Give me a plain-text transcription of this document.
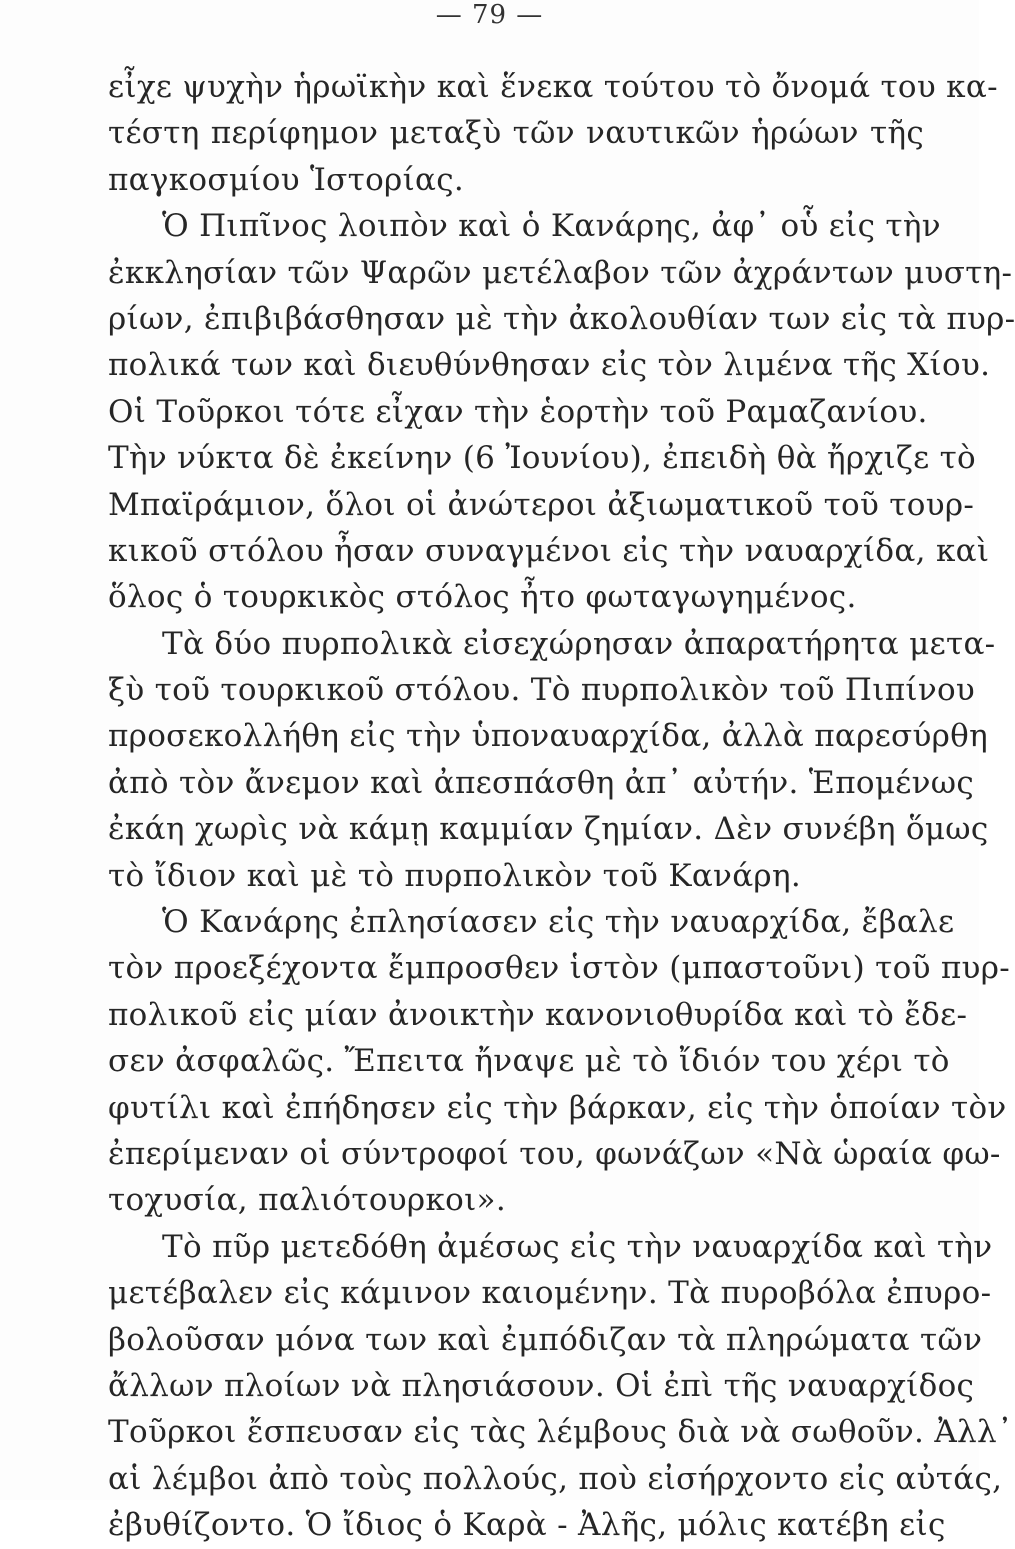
— 79 —
εἶχε ψυχὴν ἡρωϊκὴν καὶ ἕνεκα τούτου τὸ ὄνομά του κα-
τέστη περίφημον μεταξὺ τῶν ναυτικῶν ἡρώων τῆς
παγκοσμίου Ἱστορίας.
Ὁ Πιπῖνος λοιπὸν καὶ ὁ Κανάρης, ἀφ᾽ οὗ εἰς τὴν
ἐκκλησίαν τῶν Ψαρῶν μετέλαβον τῶν ἀχράντων μυστη-
ρίων, ἐπιβιβάσθησαν μὲ τὴν ἀκολουθίαν των εἰς τὰ πυρ-
πολικά των καὶ διευθύνθησαν εἰς τὸν λιμένα τῆς Χίου.
Οἱ Τοῦρκοι τότε εἶχαν τὴν ἑορτὴν τοῦ Ραμαζανίου.
Τὴν νύκτα δὲ ἐκείνην (6 Ἰουνίου), ἐπειδὴ θὰ ἤρχιζε τὸ
Μπαϊράμιον, ὅλοι οἱ ἀνώτεροι ἀξιωματικοῦ τοῦ τουρ-
κικοῦ στόλου ἦσαν συναγμένοι εἰς τὴν ναυαρχίδα, καὶ
ὅλος ὁ τουρκικὸς στόλος ἦτο φωταγωγημένος.
Τὰ δύο πυρπολικὰ εἰσεχώρησαν ἀπαρατήρητα μετα-
ξὺ τοῦ τουρκικοῦ στόλου. Τὸ πυρπολικὸν τοῦ Πιπίνου
προσεκολλήθη εἰς τὴν ὑποναυαρχίδα, ἀλλὰ παρεσύρθη
ἀπὸ τὸν ἄνεμον καὶ ἀπεσπάσθη ἀπ᾽ αὐτήν. Ἑπομένως
ἐκάη χωρὶς νὰ κάμῃ καμμίαν ζημίαν. Δὲν συνέβη ὅμως
τὸ ἴδιον καὶ μὲ τὸ πυρπολικὸν τοῦ Κανάρη.
Ὁ Κανάρης ἐπλησίασεν εἰς τὴν ναυαρχίδα, ἔβαλε
τὸν προεξέχοντα ἔμπροσθεν ἱστὸν (μπαστοῦνι) τοῦ πυρ-
πολικοῦ εἰς μίαν ἀνοικτὴν κανονιοθυρίδα καὶ τὸ ἔδε-
σεν ἀσφαλῶς. Ἔπειτα ἤναψε μὲ τὸ ἴδιόν του χέρι τὸ
φυτίλι καὶ ἐπήδησεν εἰς τὴν βάρκαν, εἰς τὴν ὁποίαν τὸν
ἐπερίμεναν οἱ σύντροφοί του, φωνάζων «Νὰ ὡραία φω-
τοχυσία, παλιότουρκοι».
Τὸ πῦρ μετεδόθη ἀμέσως εἰς τὴν ναυαρχίδα καὶ τὴν
μετέβαλεν εἰς κάμινον καιομένην. Τὰ πυροβόλα ἐπυρο-
βολοῦσαν μόνα των καὶ ἐμπόδιζαν τὰ πληρώματα τῶν
ἄλλων πλοίων νὰ πλησιάσουν. Οἱ ἐπὶ τῆς ναυαρχίδος
Τοῦρκοι ἔσπευσαν εἰς τὰς λέμβους διὰ νὰ σωθοῦν. Ἀλλ᾽
αἱ λέμβοι ἀπὸ τοὺς πολλούς, ποὺ εἰσήρχοντο εἰς αὐτάς,
ἐβυθίζοντο. Ὁ ἴδιος ὁ Καρὰ - Ἀλῆς, μόλις κατέβη εἰς
